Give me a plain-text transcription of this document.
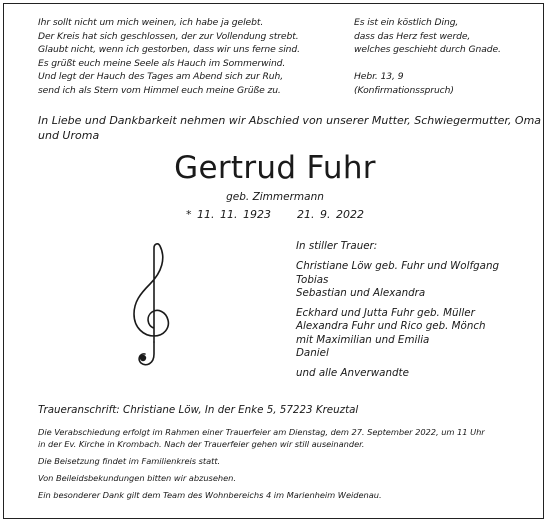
Ihr sollt nicht um mich weinen, ich habe ja gelebt.
Der Kreis hat sich geschlossen, der zur Vollendung strebt.
Glaubt nicht, wenn ich gestorben, dass wir uns ferne sind.
Es grüßt euch meine Seele als Hauch im Sommerwind.
Und legt der Hauch des Tages am Abend sich zur Ruh,
send ich als Stern vom Himmel euch meine Grüße zu.
Es ist ein köstlich Ding,
dass das Herz fest werde,
welches geschieht durch Gnade.
Hebr. 13, 9
(Konfirmationsspruch)
In Liebe und Dankbarkeit nehmen wir Abschied von unserer Mutter, Schwiegermutter, Oma
und Uroma
Gertrud Fuhr
geb. Zimmermann
* 11. 11. 1923 21. 9. 2022
In stiller Trauer:
Christiane Löw geb. Fuhr und Wolfgang
Tobias
Sebastian und Alexandra
Eckhard und Jutta Fuhr geb. Müller
Alexandra Fuhr und Rico geb. Mönch
mit Maximilian und Emilia
Daniel
und alle Anverwandte
Traueranschrift: Christiane Löw, In der Enke 5, 57223 Kreuztal
Die Verabschiedung erfolgt im Rahmen einer Trauerfeier am Dienstag, dem 27. September 2022, um 11 Uhr
in der Ev. Kirche in Krombach. Nach der Trauerfeier gehen wir still auseinander.
Die Beisetzung findet im Familienkreis statt.
Von Beileidsbekundungen bitten wir abzusehen.
Ein besonderer Dank gilt dem Team des Wohnbereichs 4 im Marienheim Weidenau.
